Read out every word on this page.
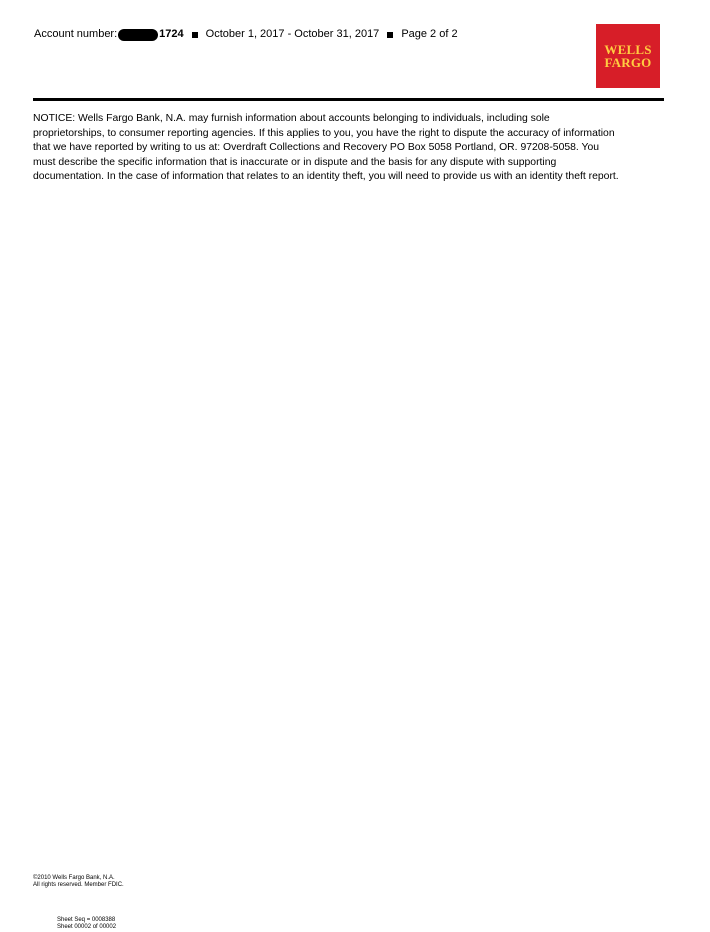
Account number:	1724 October 1, 2017 - October 31, 2017 Page 2 of 2
WELLS
FARGO

NOTICE: Wells Fargo Bank, N.A. may furnish information about accounts belonging to individuals, including sole proprietorships, to consumer reporting agencies. If this applies to you, you have the right to dispute the accuracy of information that we have reported by writing to us at: Overdraft Collections and Recovery PO Box 5058 Portland, OR. 97208-5058. You must describe the specific information that is inaccurate or in dispute and the basis for any dispute with supporting documentation. In the case of information that relates to an identity theft, you will need to provide us with an identity theft report.

©2010 Wells Fargo Bank, N.A.
All rights reserved. Member FDIC.
Sheet Seq = 0008388
Sheet 00002 of 00002
